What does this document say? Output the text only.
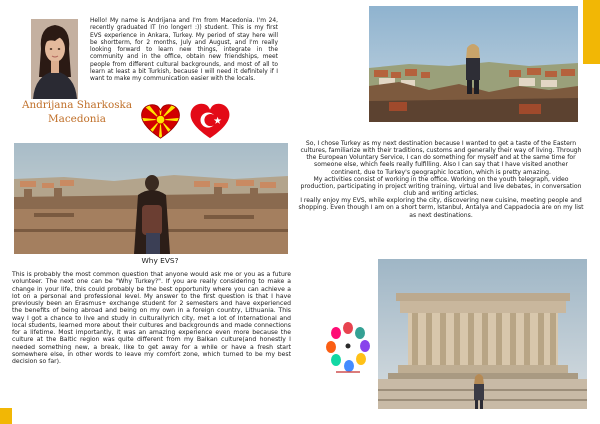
Hello! My name is Andrijana and I'm from Macedonia. I'm 24, recently graduated IT (no longer! :)) student. This is my first EVS experience in Ankara, Turkey. My period of stay here will be shortterm, for 2 months, July and August, and I'm really looking forward to learn new things, integrate in the community and in the office, obtain new friendships, meet people from different cultural backgrounds, and most of all to learn at least a bit Turkish, because I will need it definitely if I want to make my communication easier with the locals.
Andrijana Sharkoska
Macedonia
Why EVS?
This is probably the most common question that anyone would ask me or you as a future volunteer. The next one can be "Why Turkey?". If you are really considering to make a change in your life, this could probably be the best opportunity where you can achieve a lot on a personal and professional level. My answer to the first question is that I have previously been an Erasmus+ exchange student for 2 semesters and have experienced the benefits of being abroad and being on my own in a foreign country, Lithuania. This way I got a chance to live and study in culturallyrich city, met a lot of International and local students, learned more about their cultures and backgrounds and made connections for a lifetime. Most importantly, it was an amazing experience even more because the culture at the Baltic region was quite different from my Balkan culture(and honestly I needed something new, a break, like to get away for a while or have a fresh start somewhere else, in other words to leave my comfort zone, which turned to be my best decision so far).

So, I chose Turkey as my next destination because I wanted to get a taste of the Eastern cultures, familiarize with their traditions, customs and generally their way of living. Through the European Voluntary Service, I can do something for myself and at the same time for someone else, which feels really fulfilling. Also I can say that I have visited another continent, due to Turkey's geographic location, which is pretty amazing.

My activities consist of working in the office. Working on the youth telegraph, video production, participating in project writing training, virtual and live debates, in conversation club and writing articles.

I really enjoy my EVS, while exploring the city, discovering new cuisine, meeting people and shopping. Even though I am on a short term, Istanbul, Antalya and Cappadocia are on my list as next destinations.
